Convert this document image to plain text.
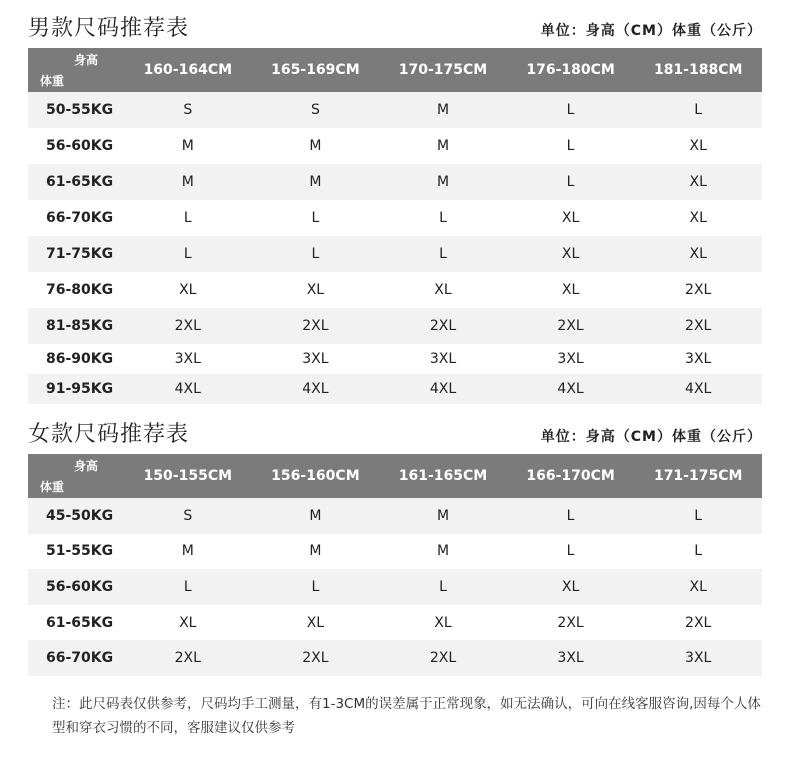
男款尺码推荐表	单位：身高（CM）体重（公斤）
身高
体重	160-164CM	165-169CM	170-175CM	176-180CM	181-188CM
50-55KG	S	S	M	L	L
56-60KG	M	M	M	L	XL
61-65KG	M	M	M	L	XL
66-70KG	L	L	L	XL	XL
71-75KG	L	L	L	XL	XL
76-80KG	XL	XL	XL	XL	2XL
81-85KG	2XL	2XL	2XL	2XL	2XL
86-90KG	3XL	3XL	3XL	3XL	3XL
91-95KG	4XL	4XL	4XL	4XL	4XL
女款尺码推荐表	单位：身高（CM）体重（公斤）
身高
体重	150-155CM	156-160CM	161-165CM	166-170CM	171-175CM
45-50KG	S	M	M	L	L
51-55KG	M	M	M	L	L
56-60KG	L	L	L	XL	XL
61-65KG	XL	XL	XL	2XL	2XL
66-70KG	2XL	2XL	2XL	3XL	3XL
注：此尺码表仅供参考，尺码均手工测量，有1-3CM的误差属于正常现象，如无法确认，可向在线客服咨询,因每个人体型和穿衣习惯的不同，客服建议仅供参考
